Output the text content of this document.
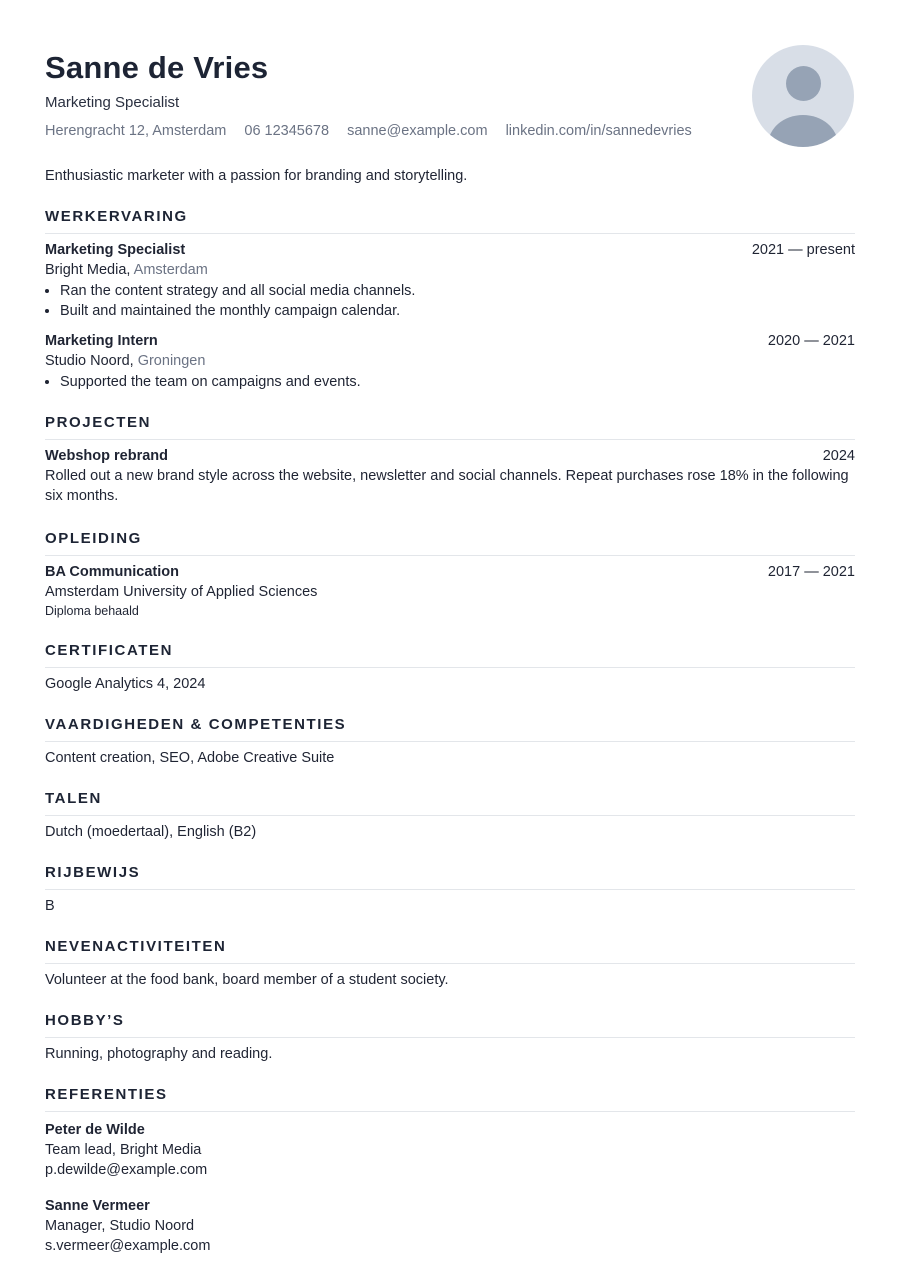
Sanne de Vries
Marketing Specialist
Herengracht 12, Amsterdam 06 12345678 sanne@example.com linkedin.com/in/sannedevries
Enthusiastic marketer with a passion for branding and storytelling.
WERKERVARING
Marketing Specialist	2021 — present
Bright Media, Amsterdam
• Ran the content strategy and all social media channels.
• Built and maintained the monthly campaign calendar.
Marketing Intern	2020 — 2021
Studio Noord, Groningen
• Supported the team on campaigns and events.
PROJECTEN
Webshop rebrand	2024
Rolled out a new brand style across the website, newsletter and social channels. Repeat purchases rose 18% in the following six months.
OPLEIDING
BA Communication	2017 — 2021
Amsterdam University of Applied Sciences
Diploma behaald
CERTIFICATEN
Google Analytics 4, 2024
VAARDIGHEDEN & COMPETENTIES
Content creation, SEO, Adobe Creative Suite
TALEN
Dutch (moedertaal), English (B2)
RIJBEWIJS
B
NEVENACTIVITEITEN
Volunteer at the food bank, board member of a student society.
HOBBY’S
Running, photography and reading.
REFERENTIES
Peter de Wilde
Team lead, Bright Media
p.dewilde@example.com
Sanne Vermeer
Manager, Studio Noord
s.vermeer@example.com
